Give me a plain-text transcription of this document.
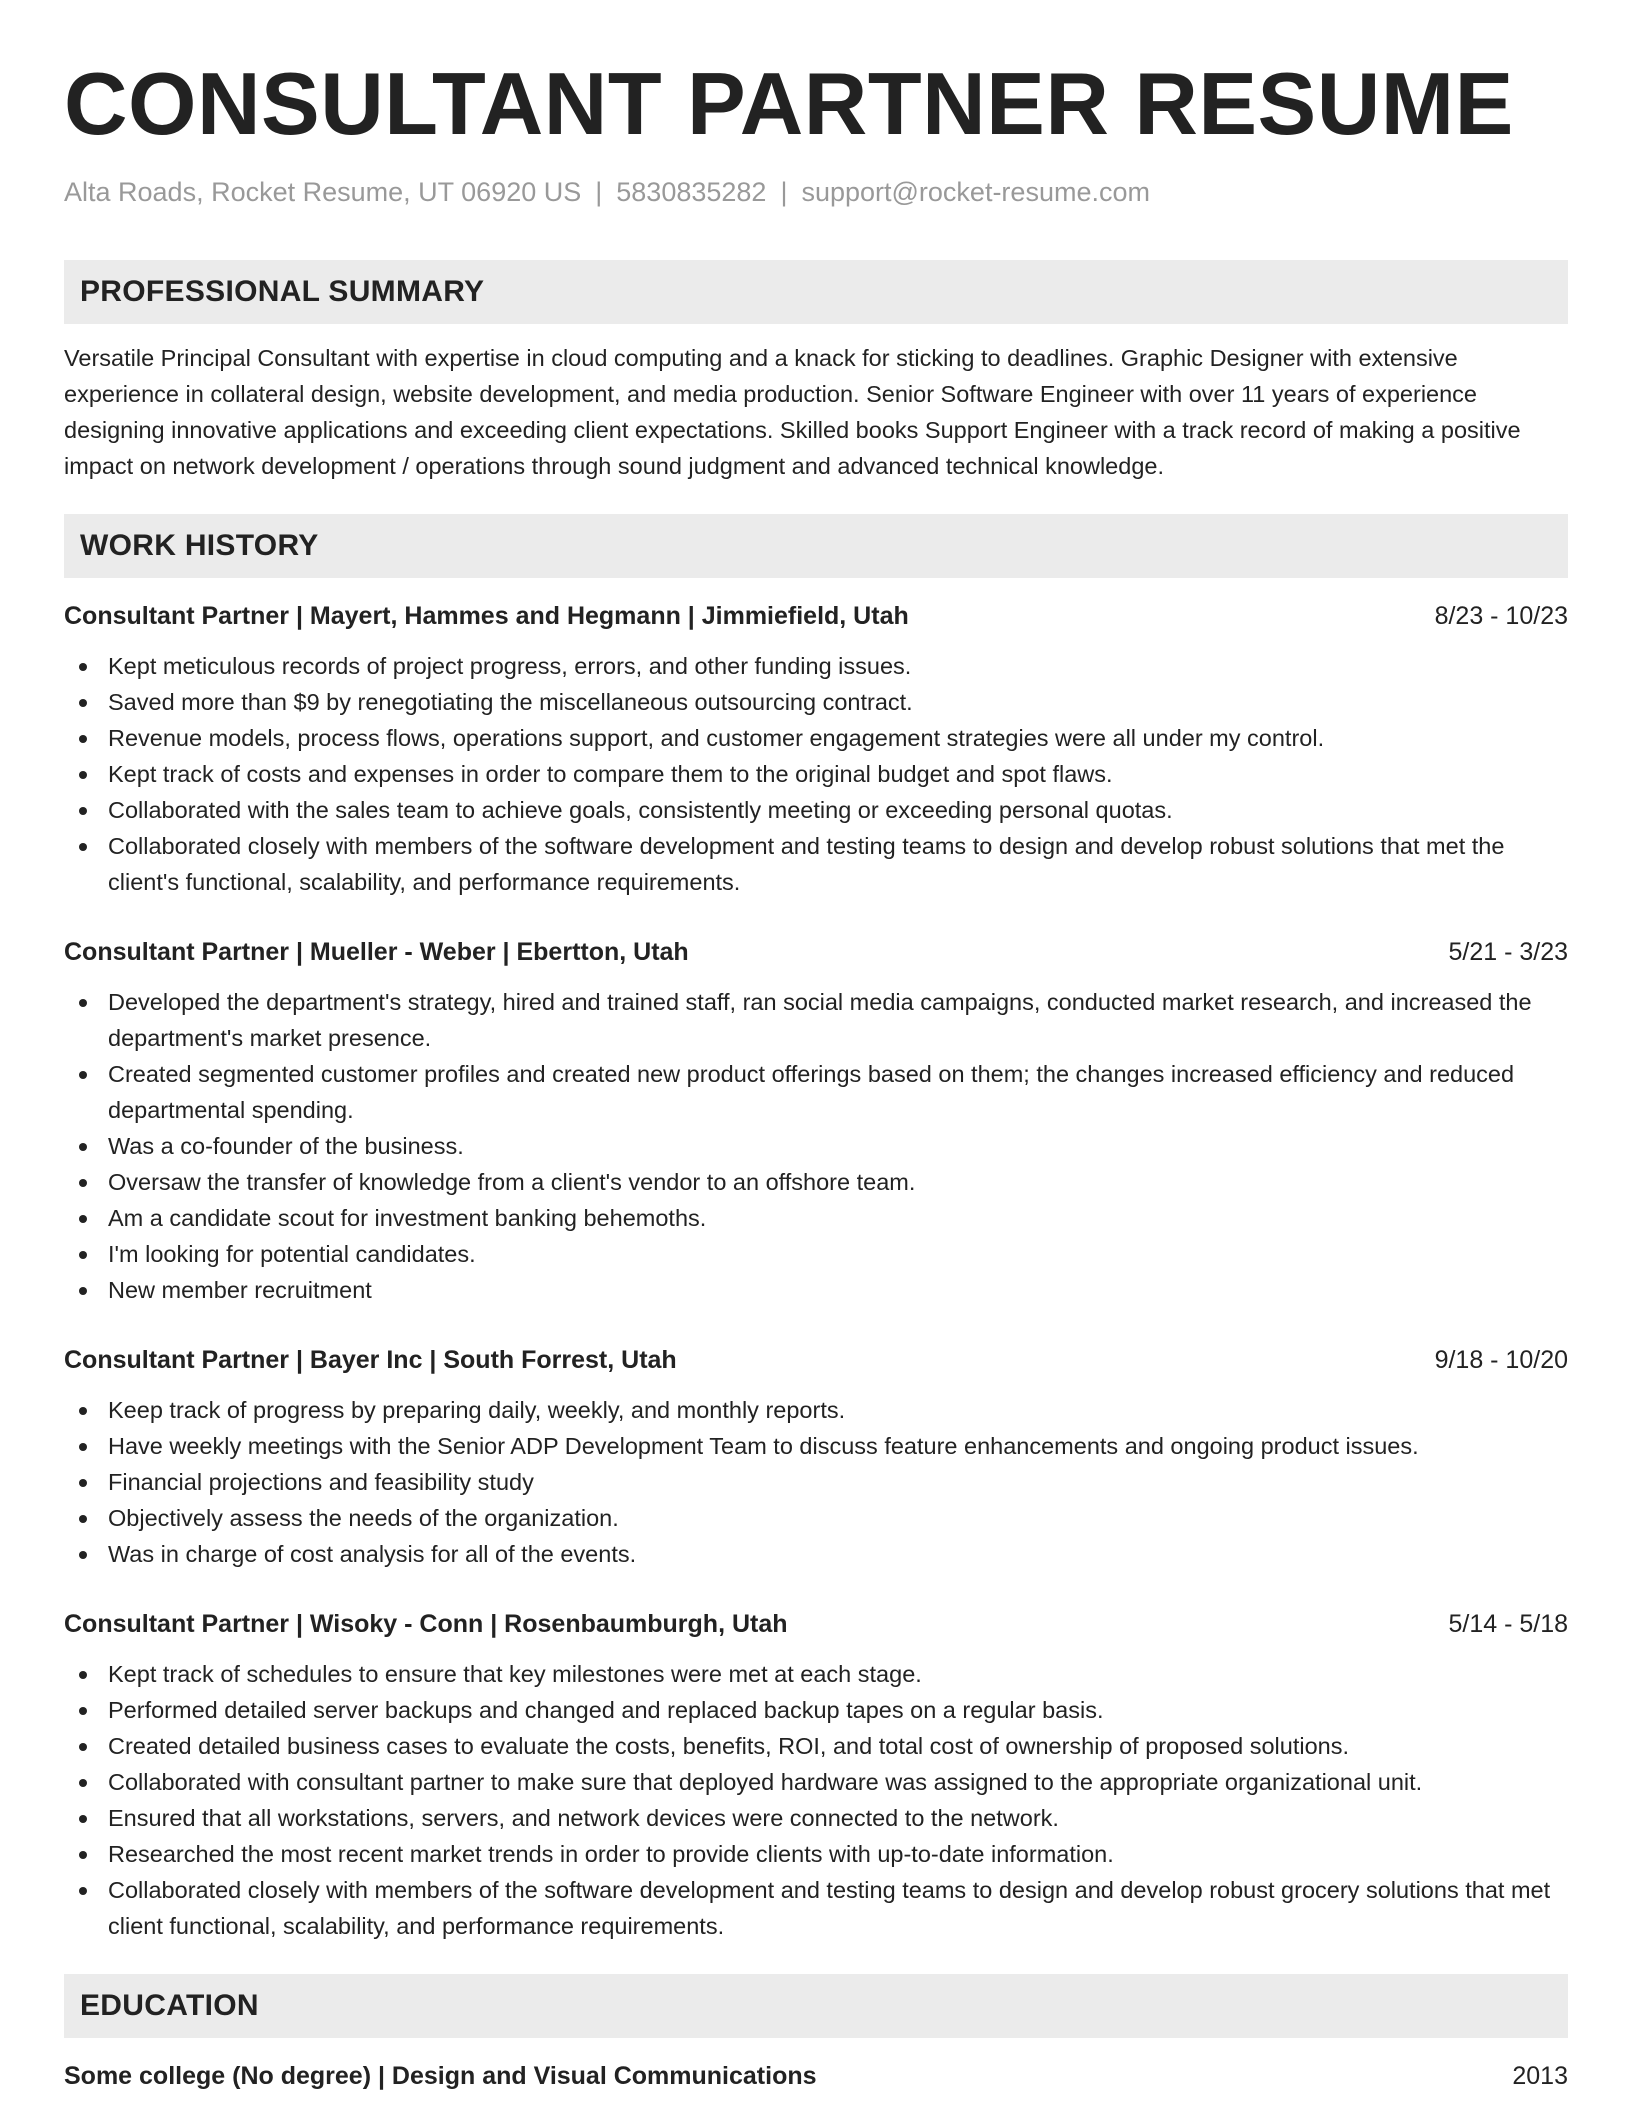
CONSULTANT PARTNER RESUME
Alta Roads, Rocket Resume, UT 06920 US | 5830835282 | support@rocket-resume.com
PROFESSIONAL SUMMARY
Versatile Principal Consultant with expertise in cloud computing and a knack for sticking to deadlines. Graphic Designer with extensive experience in collateral design, website development, and media production. Senior Software Engineer with over 11 years of experience designing innovative applications and exceeding client expectations. Skilled books Support Engineer with a track record of making a positive impact on network development / operations through sound judgment and advanced technical knowledge.
WORK HISTORY
Consultant Partner | Mayert, Hammes and Hegmann | Jimmiefield, Utah	8/23 - 10/23
Kept meticulous records of project progress, errors, and other funding issues.
Saved more than $9 by renegotiating the miscellaneous outsourcing contract.
Revenue models, process flows, operations support, and customer engagement strategies were all under my control.
Kept track of costs and expenses in order to compare them to the original budget and spot flaws.
Collaborated with the sales team to achieve goals, consistently meeting or exceeding personal quotas.
Collaborated closely with members of the software development and testing teams to design and develop robust solutions that met the client's functional, scalability, and performance requirements.
Consultant Partner | Mueller - Weber | Ebertton, Utah	5/21 - 3/23
Developed the department's strategy, hired and trained staff, ran social media campaigns, conducted market research, and increased the department's market presence.
Created segmented customer profiles and created new product offerings based on them; the changes increased efficiency and reduced departmental spending.
Was a co-founder of the business.
Oversaw the transfer of knowledge from a client's vendor to an offshore team.
Am a candidate scout for investment banking behemoths.
I'm looking for potential candidates.
New member recruitment
Consultant Partner | Bayer Inc | South Forrest, Utah	9/18 - 10/20
Keep track of progress by preparing daily, weekly, and monthly reports.
Have weekly meetings with the Senior ADP Development Team to discuss feature enhancements and ongoing product issues.
Financial projections and feasibility study
Objectively assess the needs of the organization.
Was in charge of cost analysis for all of the events.
Consultant Partner | Wisoky - Conn | Rosenbaumburgh, Utah	5/14 - 5/18
Kept track of schedules to ensure that key milestones were met at each stage.
Performed detailed server backups and changed and replaced backup tapes on a regular basis.
Created detailed business cases to evaluate the costs, benefits, ROI, and total cost of ownership of proposed solutions.
Collaborated with consultant partner to make sure that deployed hardware was assigned to the appropriate organizational unit.
Ensured that all workstations, servers, and network devices were connected to the network.
Researched the most recent market trends in order to provide clients with up-to-date information.
Collaborated closely with members of the software development and testing teams to design and develop robust grocery solutions that met client functional, scalability, and performance requirements.
EDUCATION
Some college (No degree) | Design and Visual Communications	2013
